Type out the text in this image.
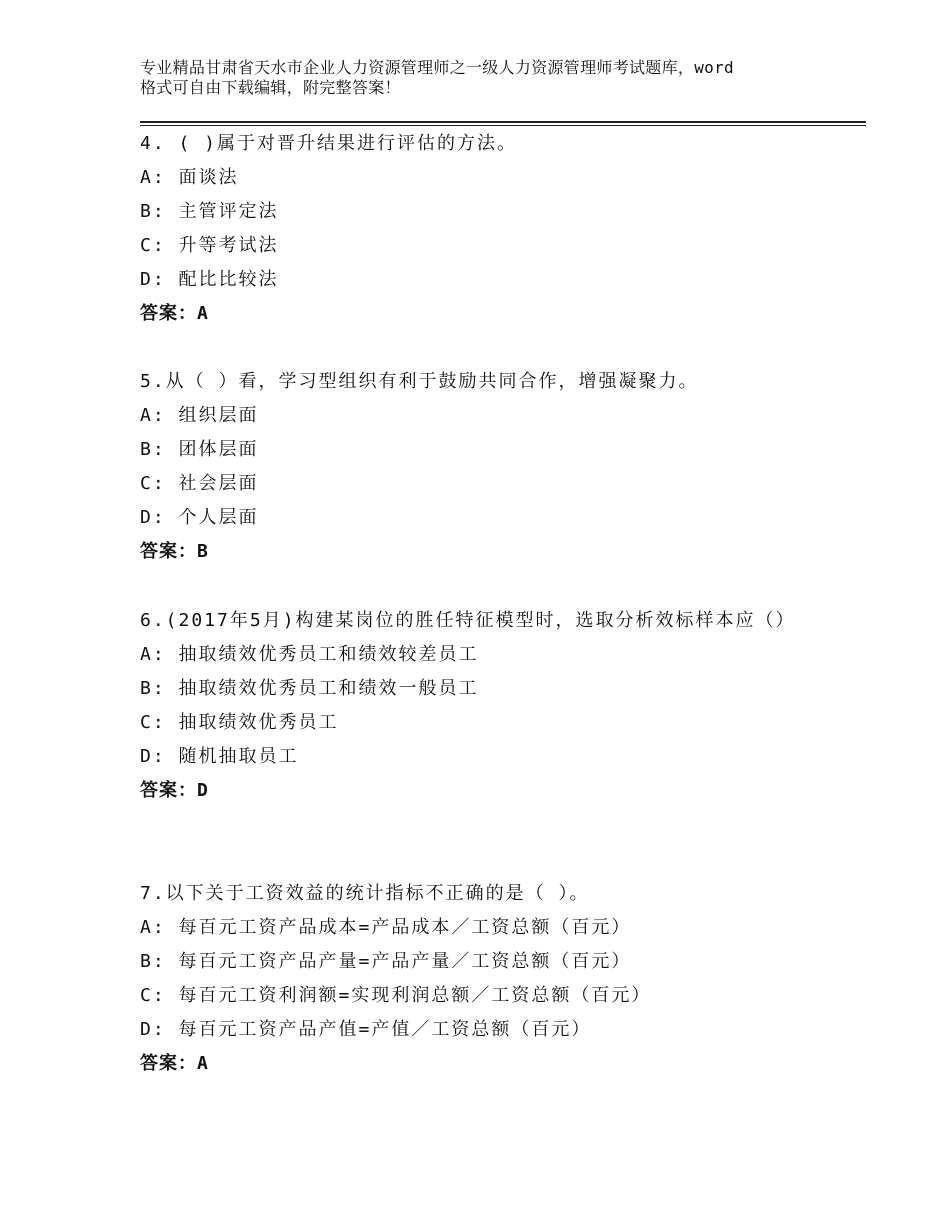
专业精品甘肃省天水市企业人力资源管理师之一级人力资源管理师考试题库，word
格式可自由下载编辑，附完整答案！
4. ( )属于对晋升结果进行评估的方法。
A: 面谈法
B: 主管评定法
C: 升等考试法
D: 配比比较法
答案：A
5.从（ ）看，学习型组织有利于鼓励共同合作，增强凝聚力。
A: 组织层面
B: 团体层面
C: 社会层面
D: 个人层面
答案：B
6.(2017年5月)构建某岗位的胜任特征模型时，选取分析效标样本应（）
A: 抽取绩效优秀员工和绩效较差员工
B: 抽取绩效优秀员工和绩效一般员工
C: 抽取绩效优秀员工
D: 随机抽取员工
答案：D
7.以下关于工资效益的统计指标不正确的是（ ）。
A: 每百元工资产品成本=产品成本／工资总额（百元）
B: 每百元工资产品产量=产品产量／工资总额（百元）
C: 每百元工资利润额=实现利润总额／工资总额（百元）
D: 每百元工资产品产值=产值／工资总额（百元）
答案：A
